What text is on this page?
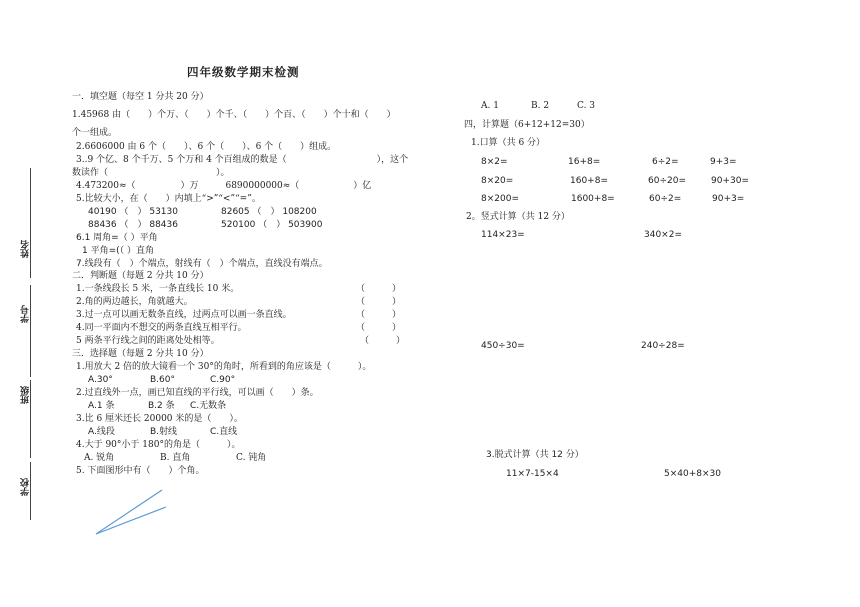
四年级数学期末检测
姓名
学号
班级
学校
一．填空题（每空 1 分共 20 分）
1.45968 由（　　）个万、（　　）个千、（　　）个百、（　　）个十和（　　）
个一组成。
2.6606000 由 6 个（　　）、6 个（　　）、6 个（　　）组成。
3..9 个亿、8 个千万、5 个万和 4 个百组成的数是（　　　　　　　　　　），这个
数读作（　　　　　　　　　　　　）。
4.473200≈（　　　　　）万　　　6890000000≈（　　　　　　）亿
5.比较大小，在（　　）内填上“>”“<”“=”。
40190 （　） 53130	82605 （　） 108200
88436 （　） 88436	520100 （　） 503900
6.1 周角=（ ）平角
1 平角=(（ ）直角
7.线段有（　）个端点，射线有（　）个端点，直线没有端点。
二．判断题（每题 2 分共 10 分）
1.一条线段长 5 米，一条直线长 10 米。	（　　　）
2.角的两边越长，角就越大。	（　　　）
3.过一点可以画无数条直线，过两点可以画一条直线。	（　　　）
4.同一平面内不想交的两条直线互相平行。	（　　　）
5 两条平行线之间的距离处处相等。	（　　　）
三．选择题（每题 2 分共 10 分）
1.用放大 2 倍的放大镜看一个 30°的角时，所看到的角应该是（　　　）。
A.30°	B.60°	C.90°
2.过直线外一点，画已知直线的平行线，可以画（　　）条。
A.1 条	B.2 条 C.无数条
3.比 6 厘米还长 20000 米的是（　　）。
A.线段	B.射线	C.直线
4.大于 90°小于 180°的角是（　　　）。
A. 锐角	B. 直角	C. 钝角
5. 下面图形中有（　　）个角。
A. 1	B. 2	C. 3
四，计算题（6+12+12=30）
1.口算（共 6 分）
8×2=	16+8=	6÷2=	9+3=
8×20=	160+8=	60÷20=	90+30=
8×200=	1600+8=	60÷2=	90+3=
2。竖式计算（共 12 分）
114×23=	340×2=
450÷30=	240÷28=
3.脱式计算（共 12 分）
11×7-15×4	5×40+8×30
